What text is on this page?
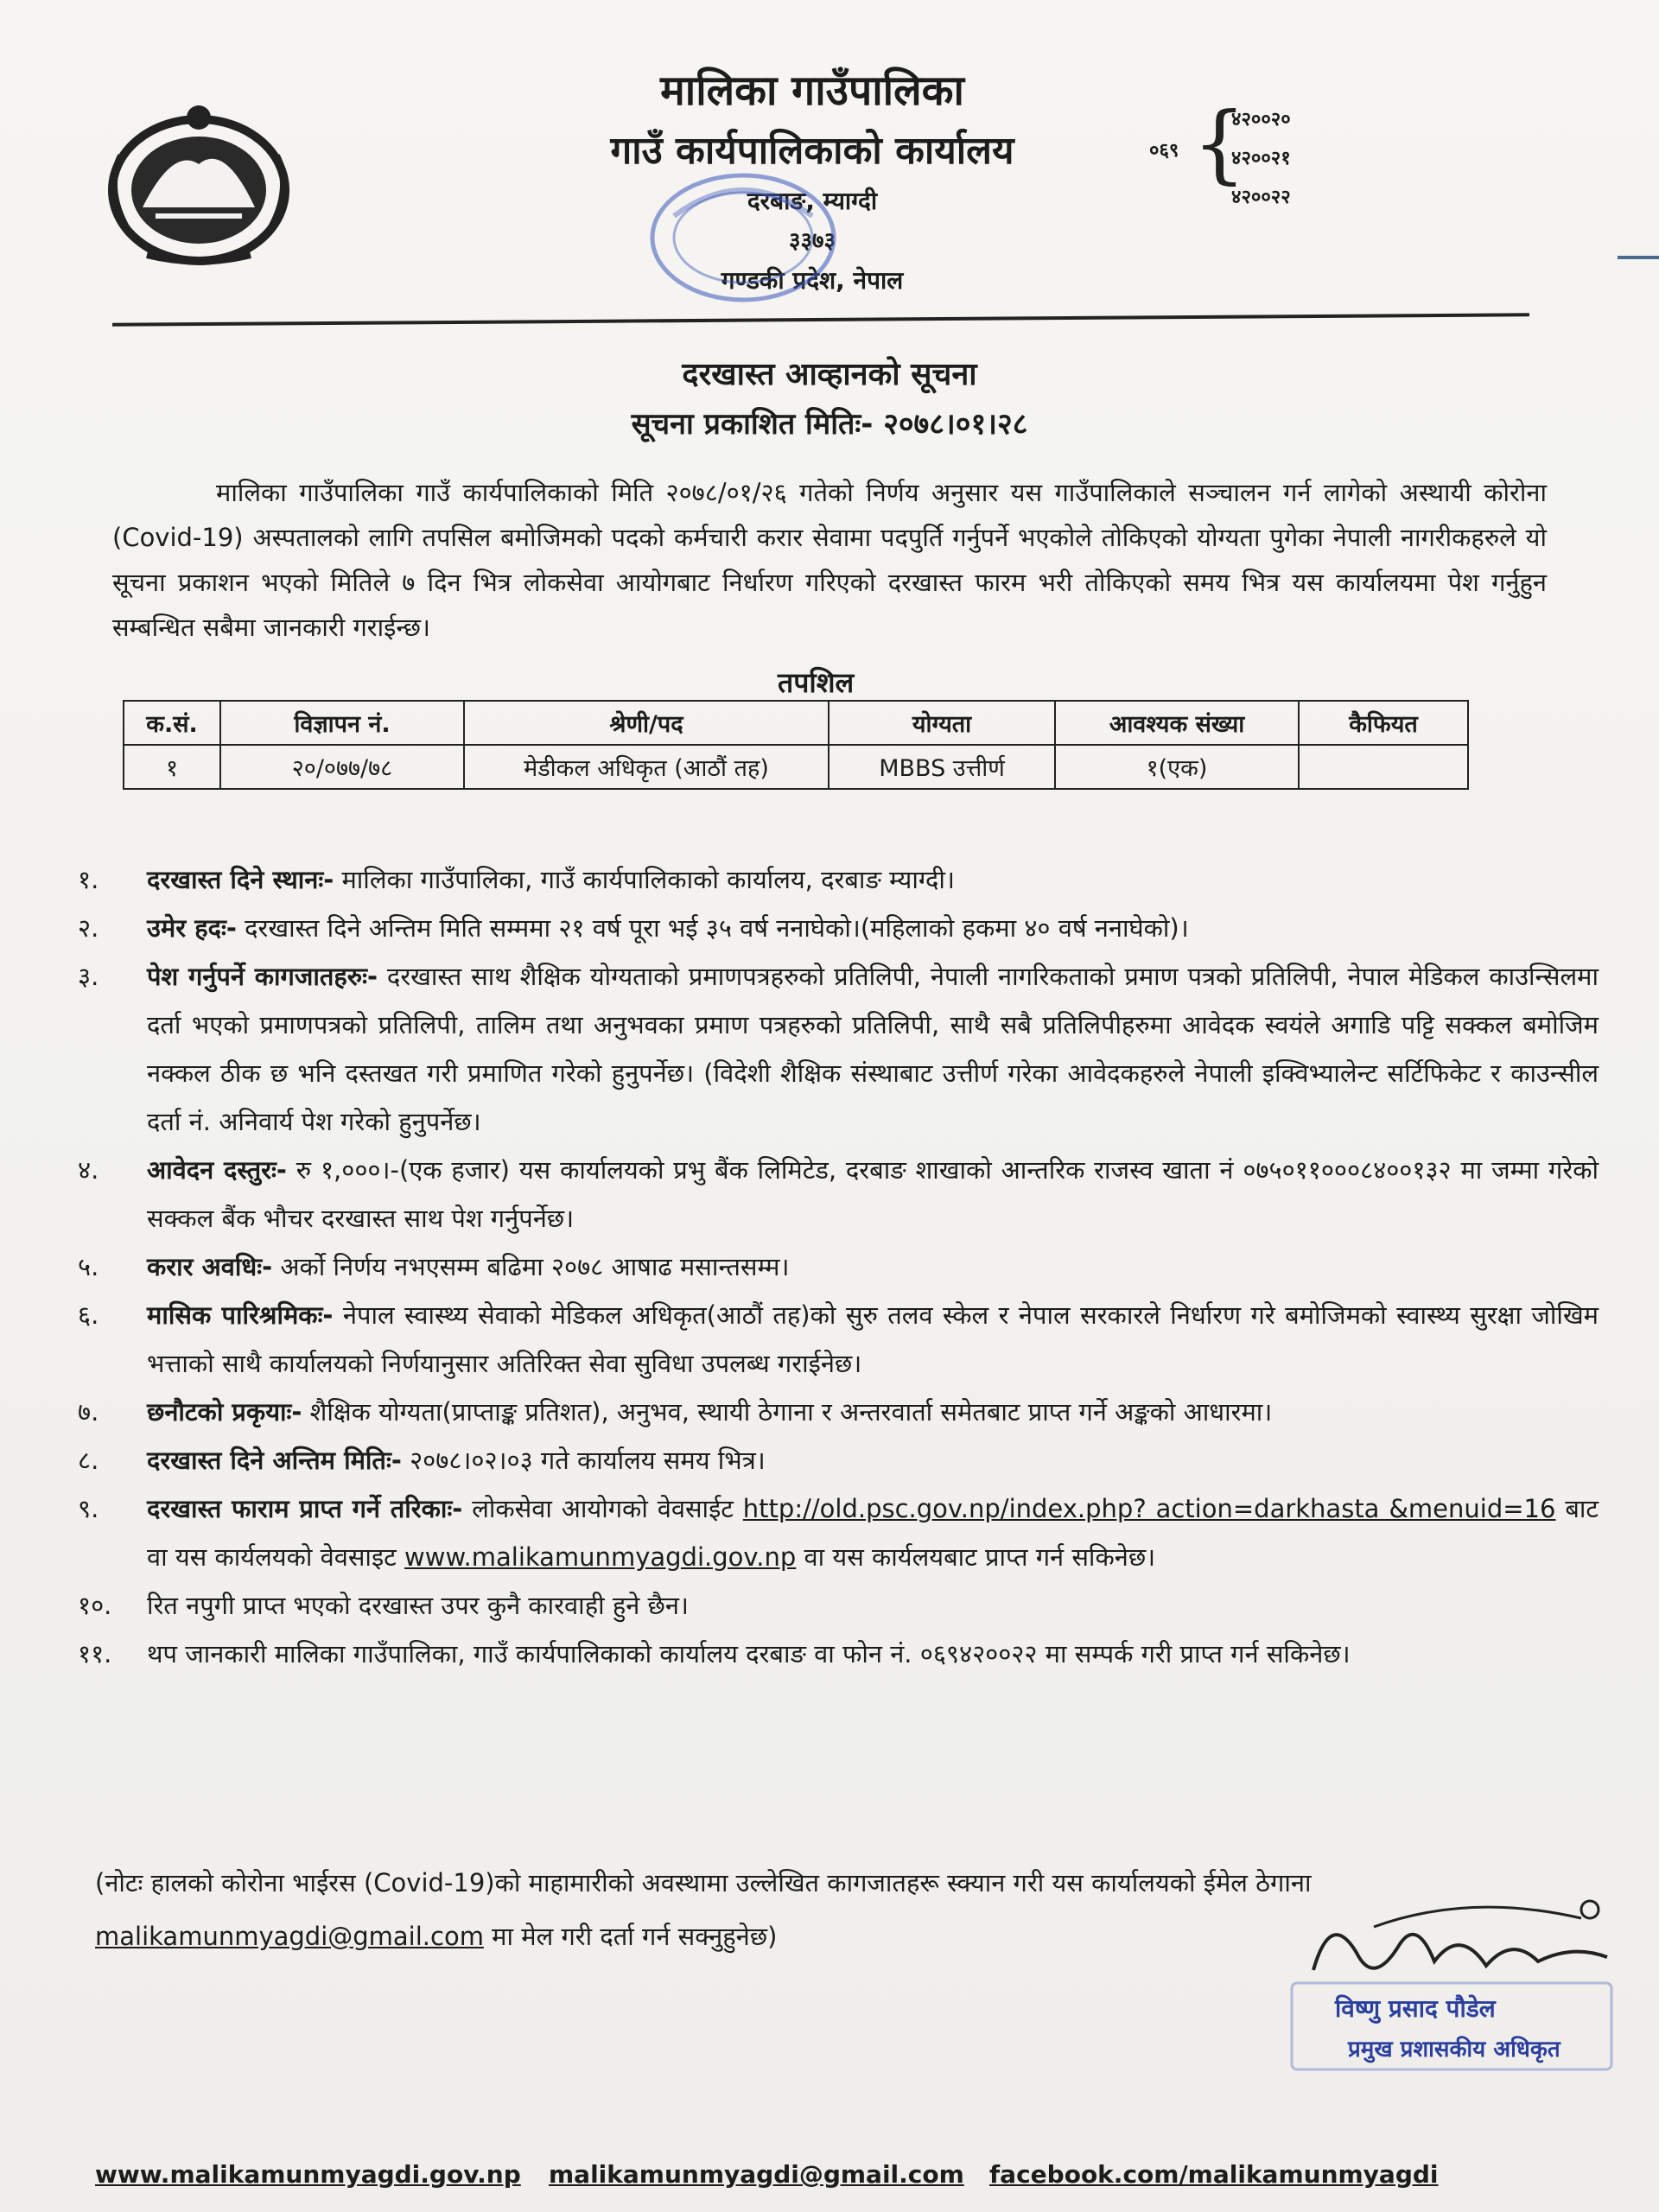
मालिका गाउँपालिका
गाउँ कार्यपालिकाको कार्यालय
दरबाङ, म्याग्दी
३३७३
गण्डकी प्रदेश, नेपाल
०६९ {
४२००२०
४२००२१
४२००२२
दरखास्त आव्हानको सूचना
सूचना प्रकाशित मितिः- २०७८।०१।२८
मालिका गाउँपालिका गाउँ कार्यपालिकाको मिति २०७८/०१/२६ गतेको निर्णय अनुसार यस गाउँपालिकाले सञ्चालन गर्न लागेको अस्थायी कोरोना (Covid-19) अस्पतालको लागि तपसिल बमोजिमको पदको कर्मचारी करार सेवामा पदपुर्ति गर्नुपर्ने भएकोले तोकिएको योग्यता पुगेका नेपाली नागरीकहरुले यो सूचना प्रकाशन भएको मितिले ७ दिन भित्र लोकसेवा आयोगबाट निर्धारण गरिएको दरखास्त फारम भरी तोकिएको समय भित्र यस कार्यालयमा पेश गर्नुहुन सम्बन्धित सबैमा जानकारी गराईन्छ।
तपशिल
क.सं.	विज्ञापन नं.	श्रेणी/पद	योग्यता	आवश्यक संख्या	कैफियत
१	२०/०७७/७८	मेडीकल अधिकृत (आठौं तह)	MBBS उत्तीर्ण	१(एक)	
१.	दरखास्त दिने स्थानः- मालिका गाउँपालिका, गाउँ कार्यपालिकाको कार्यालय, दरबाङ म्याग्दी।
२.	उमेर हदः- दरखास्त दिने अन्तिम मिति सम्ममा २१ वर्ष पूरा भई ३५ वर्ष ननाघेको।(महिलाको हकमा ४० वर्ष ननाघेको)।
३.	पेश गर्नुपर्ने कागजातहरुः- दरखास्त साथ शैक्षिक योग्यताको प्रमाणपत्रहरुको प्रतिलिपी, नेपाली नागरिकताको प्रमाण पत्रको प्रतिलिपी, नेपाल मेडिकल काउन्सिलमा दर्ता भएको प्रमाणपत्रको प्रतिलिपी, तालिम तथा अनुभवका प्रमाण पत्रहरुको प्रतिलिपी, साथै सबै प्रतिलिपीहरुमा आवेदक स्वयंले अगाडि पट्टि सक्कल बमोजिम नक्कल ठीक छ भनि दस्तखत गरी प्रमाणित गरेको हुनुपर्नेछ। (विदेशी शैक्षिक संस्थाबाट उत्तीर्ण गरेका आवेदकहरुले नेपाली इक्विभ्यालेन्ट सर्टिफिकेट र काउन्सील दर्ता नं. अनिवार्य पेश गरेको हुनुपर्नेछ।
४.	आवेदन दस्तुरः- रु १,०००।-(एक हजार) यस कार्यालयको प्रभु बैंक लिमिटेड, दरबाङ शाखाको आन्तरिक राजस्व खाता नं ०७५०११०००८४००१३२ मा जम्मा गरेको सक्कल बैंक भौचर दरखास्त साथ पेश गर्नुपर्नेछ।
५.	करार अवधिः- अर्को निर्णय नभएसम्म बढिमा २०७८ आषाढ मसान्तसम्म।
६.	मासिक पारिश्रमिकः- नेपाल स्वास्थ्य सेवाको मेडिकल अधिकृत(आठौं तह)को सुरु तलव स्केल र नेपाल सरकारले निर्धारण गरे बमोजिमको स्वास्थ्य सुरक्षा जोखिम भत्ताको साथै कार्यालयको निर्णयानुसार अतिरिक्त सेवा सुविधा उपलब्ध गराईनेछ।
७.	छनौटको प्रकृयाः- शैक्षिक योग्यता(प्राप्ताङ्क प्रतिशत), अनुभव, स्थायी ठेगाना र अन्तरवार्ता समेतबाट प्राप्त गर्ने अङ्कको आधारमा।
८.	दरखास्त दिने अन्तिम मितिः- २०७८।०२।०३ गते कार्यालय समय भित्र।
९.	दरखास्त फाराम प्राप्त गर्ने तरिकाः- लोकसेवा आयोगको वेवसाईट http://old.psc.gov.np/index.php? action=darkhasta &menuid=16 बाट वा यस कार्यलयको वेवसाइट www.malikamunmyagdi.gov.np वा यस कार्यलयबाट प्राप्त गर्न सकिनेछ।
१०.	रित नपुगी प्राप्त भएको दरखास्त उपर कुनै कारवाही हुने छैन।
११.	थप जानकारी मालिका गाउँपालिका, गाउँ कार्यपालिकाको कार्यालय दरबाङ वा फोन नं. ०६९४२००२२ मा सम्पर्क गरी प्राप्त गर्न सकिनेछ।
(नोटः हालको कोरोना भाईरस (Covid-19)को माहामारीको अवस्थामा उल्लेखित कागजातहरू स्क्यान गरी यस कार्यालयको ईमेल ठेगाना malikamunmyagdi@gmail.com मा मेल गरी दर्ता गर्न सक्नुहुनेछ)
विष्णु प्रसाद पौडेल
प्रमुख प्रशासकीय अधिकृत
www.malikamunmyagdi.gov.np malikamunmyagdi@gmail.com facebook.com/malikamunmyagdi
